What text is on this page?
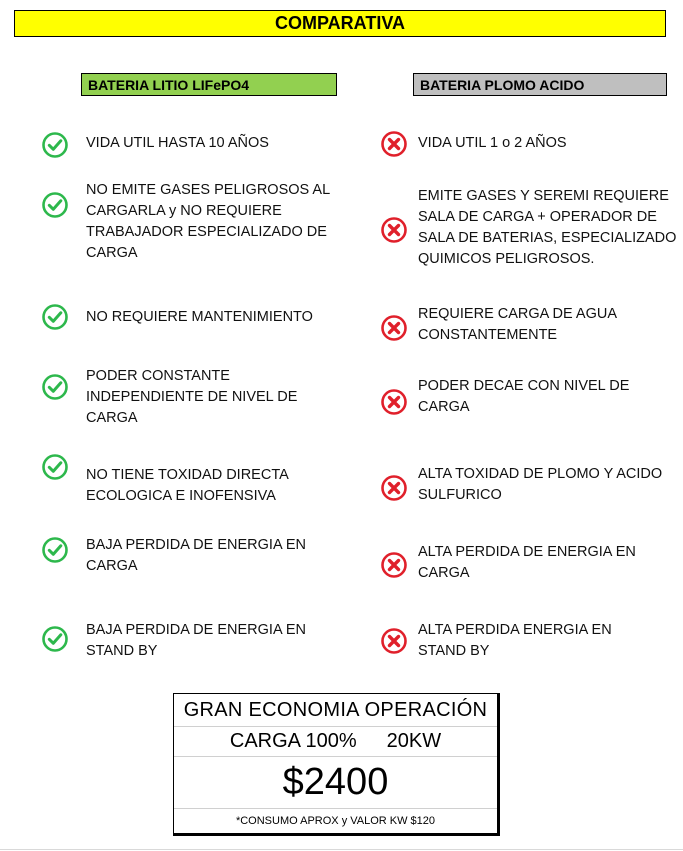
COMPARATIVA
BATERIA LITIO LIFePO4	BATERIA PLOMO ACIDO
VIDA UTIL HASTA 10 AÑOS
NO EMITE GASES PELIGROSOS AL
CARGARLA y NO REQUIERE
TRABAJADOR ESPECIALIZADO DE
CARGA
NO REQUIERE MANTENIMIENTO
PODER CONSTANTE
INDEPENDIENTE DE NIVEL DE
CARGA
NO TIENE TOXIDAD DIRECTA
ECOLOGICA E INOFENSIVA
BAJA PERDIDA DE ENERGIA EN
CARGA
BAJA PERDIDA DE ENERGIA EN
STAND BY
VIDA UTIL 1 o 2 AÑOS
EMITE GASES Y SEREMI REQUIERE
SALA DE CARGA + OPERADOR DE
SALA DE BATERIAS, ESPECIALIZADO
QUIMICOS PELIGROSOS.
REQUIERE CARGA DE AGUA
CONSTANTEMENTE
PODER DECAE CON NIVEL DE
CARGA
ALTA TOXIDAD DE PLOMO Y ACIDO
SULFURICO
ALTA PERDIDA DE ENERGIA EN
CARGA
ALTA PERDIDA ENERGIA EN
STAND BY
GRAN ECONOMIA OPERACIÓN
CARGA 100% 20KW
$2400
*CONSUMO APROX y VALOR KW $120
